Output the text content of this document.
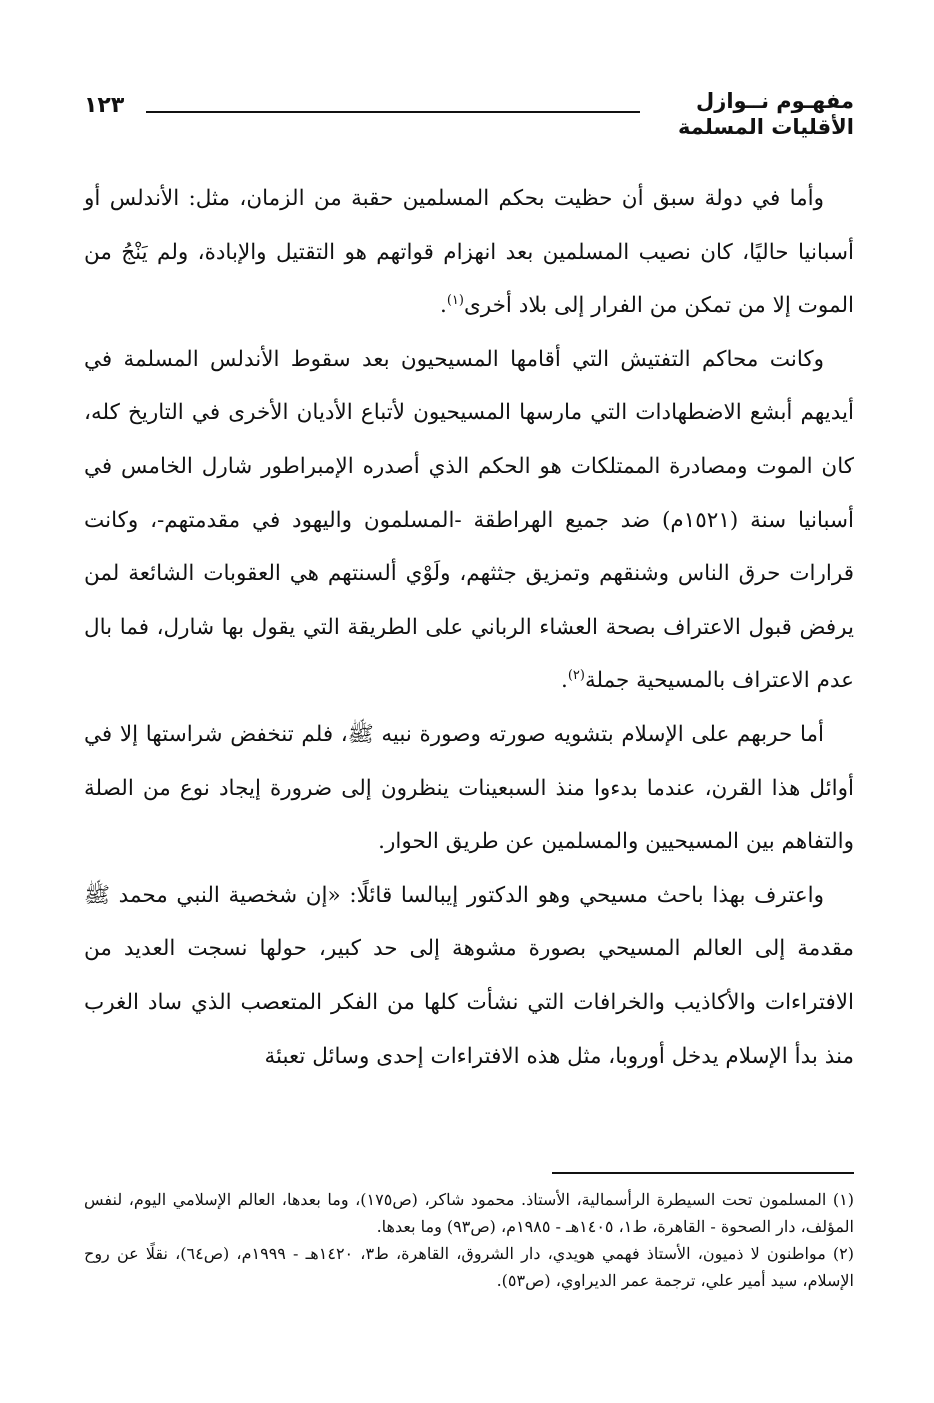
مفهـوم نــوازل
الأقليات المسلمة
١٢٣

وأما في دولة سبق أن حظيت بحكم المسلمين حقبة من الزمان، مثل: الأندلس أو أسبانيا حاليًا، كان نصيب المسلمين بعد انهزام قواتهم هو التقتيل والإبادة، ولم يَنْجُ من الموت إلا من تمكن من الفرار إلى بلاد أخرى$^{(١)}$.

وكانت محاكم التفتيش التي أقامها المسيحيون بعد سقوط الأندلس المسلمة في أيديهم أبشع الاضطهادات التي مارسها المسيحيون لأتباع الأديان الأخرى في التاريخ كله، كان الموت ومصادرة الممتلكات هو الحكم الذي أصدره الإمبراطور شارل الخامس في أسبانيا سنة (١٥٢١م) ضد جميع الهراطقة -المسلمون واليهود في مقدمتهم-، وكانت قرارات حرق الناس وشنقهم وتمزيق جثثهم، ولَوْي ألسنتهم هي العقوبات الشائعة لمن يرفض قبول الاعتراف بصحة العشاء الرباني على الطريقة التي يقول بها شارل، فما بال عدم الاعتراف بالمسيحية جملة$^{(٢)}$.

أما حربهم على الإسلام بتشويه صورته وصورة نبيه ﷺ، فلم تنخفض شراستها إلا في أوائل هذا القرن، عندما بدءوا منذ السبعينات ينظرون إلى ضرورة إيجاد نوع من الصلة والتفاهم بين المسيحيين والمسلمين عن طريق الحوار.

واعترف بهذا باحث مسيحي وهو الدكتور إيبالسا قائلًا: «إن شخصية النبي محمد ﷺ مقدمة إلى العالم المسيحي بصورة مشوهة إلى حد كبير، حولها نسجت العديد من الافتراءات والأكاذيب والخرافات التي نشأت كلها من الفكر المتعصب الذي ساد الغرب منذ بدأ الإسلام يدخل أوروبا، مثل هذه الافتراءات إحدى وسائل تعبئة

(١) المسلمون تحت السيطرة الرأسمالية، الأستاذ. محمود شاكر، (ص١٧٥)، وما بعدها، العالم الإسلامي اليوم، لنفس المؤلف، دار الصحوة - القاهرة، ط١، ١٤٠٥هـ - ١٩٨٥م، (ص٩٣) وما بعدها.

(٢) مواطنون لا ذميون، الأستاذ فهمي هويدي، دار الشروق، القاهرة، ط٣، ١٤٢٠هـ - ١٩٩٩م، (ص٦٤)، نقلًا عن روح الإسلام، سيد أمير علي، ترجمة عمر الديراوي، (ص٥٣).
